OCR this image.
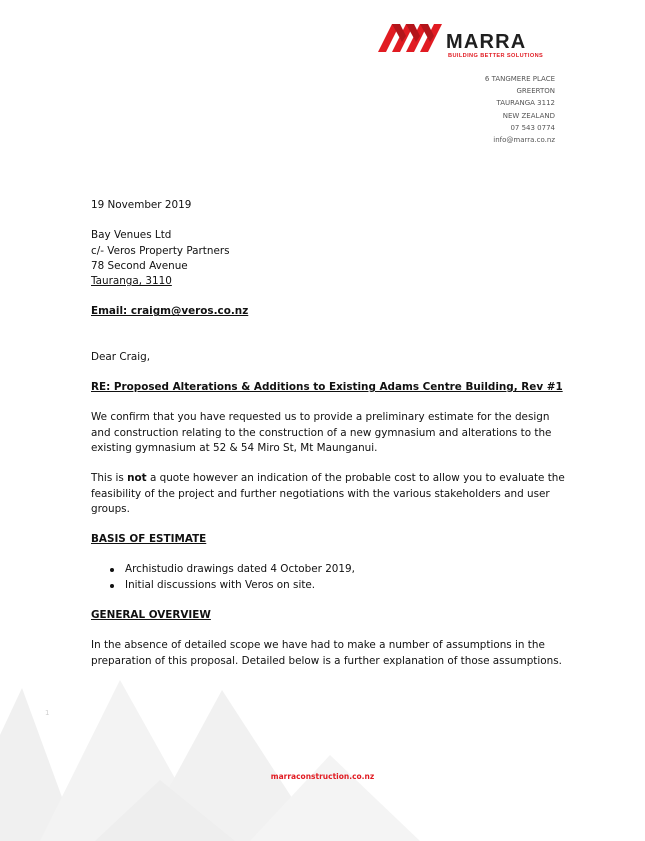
MARRA
BUILDING BETTER SOLUTIONS
6 TANGMERE PLACE
GREERTON
TAURANGA 3112
NEW ZEALAND
07 543 0774
info@marra.co.nz

19 November 2019

Bay Venues Ltd
c/- Veros Property Partners
78 Second Avenue
Tauranga, 3110

Email: craigm@veros.co.nz

Dear Craig,

RE: Proposed Alterations & Additions to Existing Adams Centre Building, Rev #1

We confirm that you have requested us to provide a preliminary estimate for the design and construction relating to the construction of a new gymnasium and alterations to the existing gymnasium at 52 & 54 Miro St, Mt Maunganui.

This is not a quote however an indication of the probable cost to allow you to evaluate the feasibility of the project and further negotiations with the various stakeholders and user groups.

BASIS OF ESTIMATE

Archistudio drawings dated 4 October 2019,
Initial discussions with Veros on site.

GENERAL OVERVIEW

In the absence of detailed scope we have had to make a number of assumptions in the preparation of this proposal. Detailed below is a further explanation of those assumptions.

1
marraconstruction.co.nz
